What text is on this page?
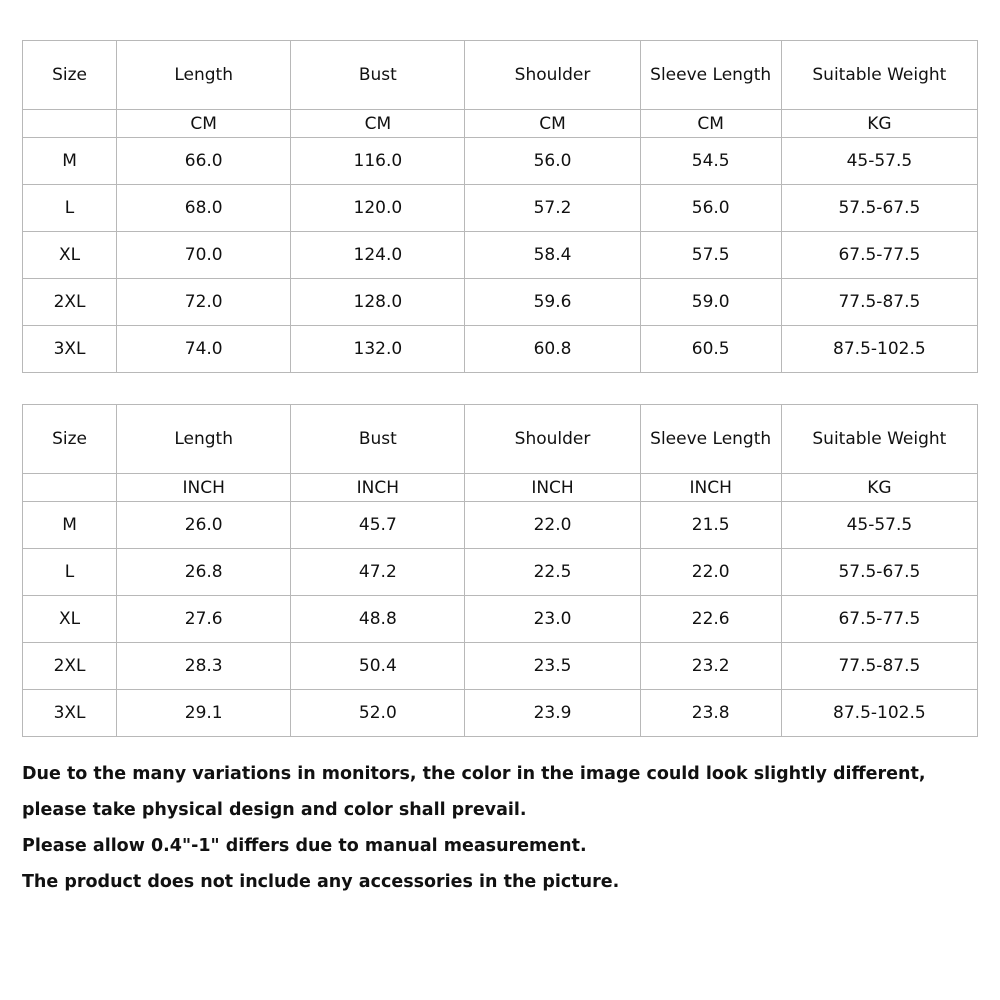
Size	Length	Bust	Shoulder	Sleeve Length	Suitable Weight
	CM	CM	CM	CM	KG
M	66.0	116.0	56.0	54.5	45-57.5
L	68.0	120.0	57.2	56.0	57.5-67.5
XL	70.0	124.0	58.4	57.5	67.5-77.5
2XL	72.0	128.0	59.6	59.0	77.5-87.5
3XL	74.0	132.0	60.8	60.5	87.5-102.5
Size	Length	Bust	Shoulder	Sleeve Length	Suitable Weight
	INCH	INCH	INCH	INCH	KG
M	26.0	45.7	22.0	21.5	45-57.5
L	26.8	47.2	22.5	22.0	57.5-67.5
XL	27.6	48.8	23.0	22.6	67.5-77.5
2XL	28.3	50.4	23.5	23.2	77.5-87.5
3XL	29.1	52.0	23.9	23.8	87.5-102.5

Due to the many variations in monitors, the color in the image could look slightly different,

please take physical design and color shall prevail.

Please allow 0.4"-1" differs due to manual measurement.

The product does not include any accessories in the picture.
